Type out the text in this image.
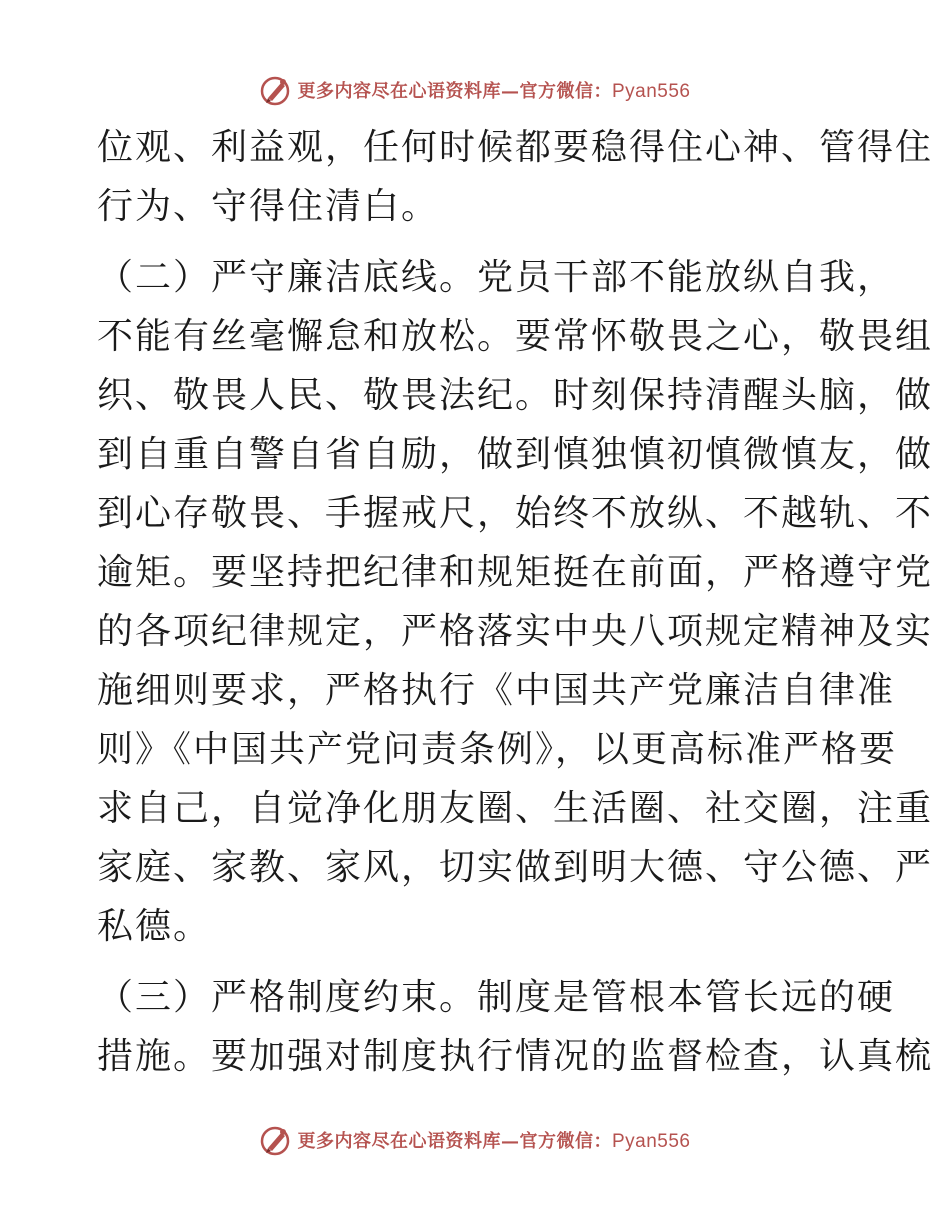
更多内容尽在心语资料库—官方微信：Pyan556
位观、利益观，任何时候都要稳得住心神、管得住
行为、守得住清白。
（二）严守廉洁底线。党员干部不能放纵自我，
不能有丝毫懈怠和放松。要常怀敬畏之心，敬畏组
织、敬畏人民、敬畏法纪。时刻保持清醒头脑，做
到自重自警自省自励，做到慎独慎初慎微慎友，做
到心存敬畏、手握戒尺，始终不放纵、不越轨、不
逾矩。要坚持把纪律和规矩挺在前面，严格遵守党
的各项纪律规定，严格落实中央八项规定精神及实
施细则要求，严格执行《中国共产党廉洁自律准
则》《中国共产党问责条例》，以更高标准严格要
求自己，自觉净化朋友圈、生活圈、社交圈，注重
家庭、家教、家风，切实做到明大德、守公德、严
私德。
（三）严格制度约束。制度是管根本管长远的硬
措施。要加强对制度执行情况的监督检查，认真梳
更多内容尽在心语资料库—官方微信：Pyan556
